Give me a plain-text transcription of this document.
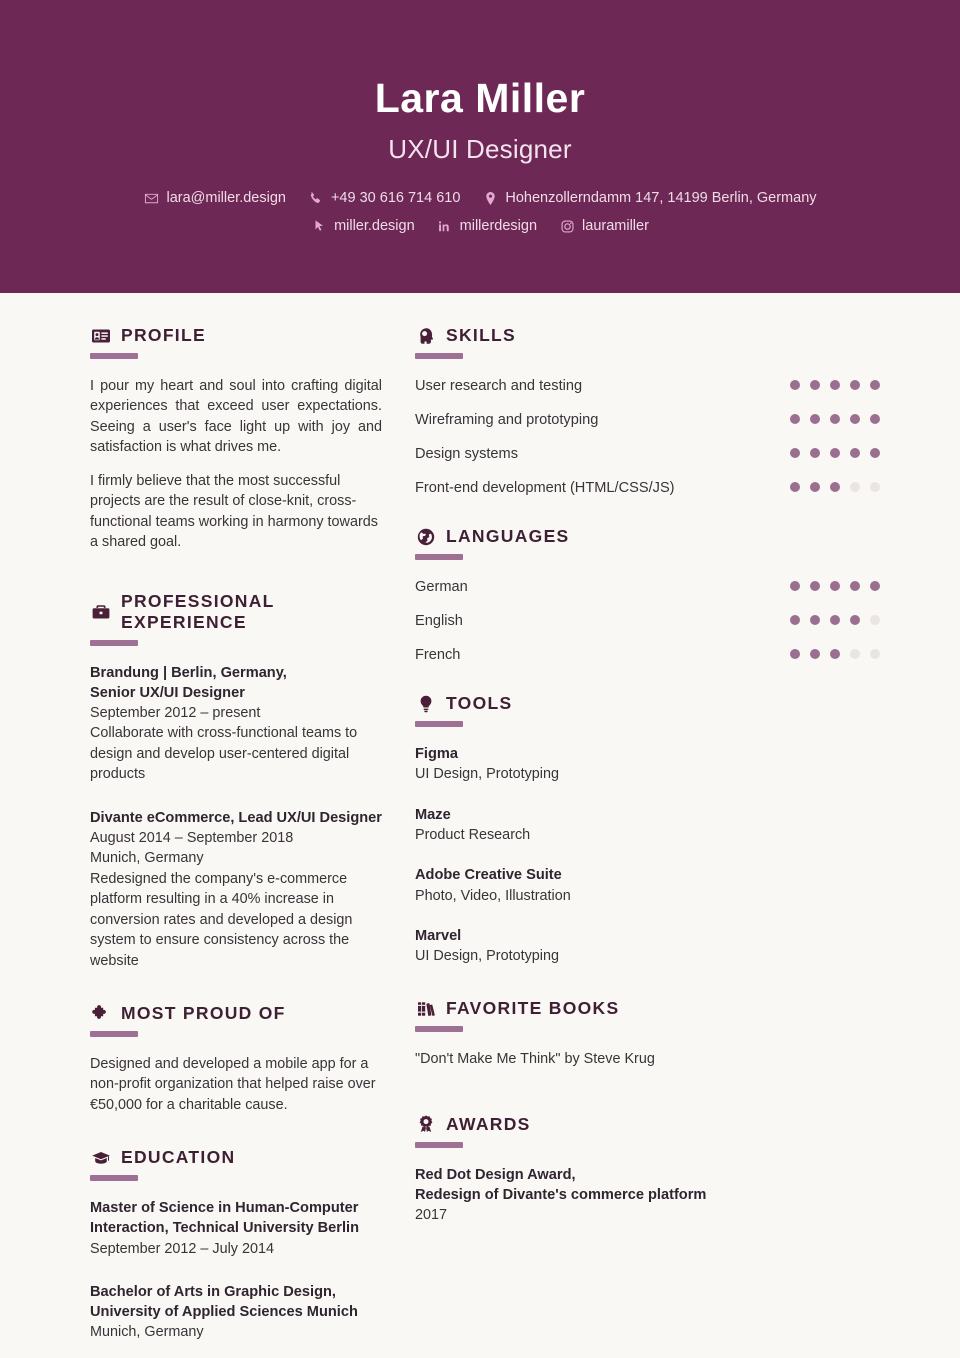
Lara Miller
UX/UI Designer
lara@miller.design	+49 30 616 714 610	Hohenzollerndamm 147, 14199 Berlin, Germany
miller.design	millerdesign	lauramiller
PROFILE

I pour my heart and soul into crafting digital experiences that exceed user expectations. Seeing a user's face light up with joy and satisfaction is what drives me.

I firmly believe that the most successful projects are the result of close-knit, cross-functional teams working in harmony towards a shared goal.

PROFESSIONAL EXPERIENCE
Brandung | Berlin, Germany,
Senior UX/UI Designer
September 2012 – present
Collaborate with cross-functional teams to design and develop user-centered digital products
Divante eCommerce, Lead UX/UI Designer
August 2014 – September 2018
Munich, Germany
Redesigned the company's e-commerce platform resulting in a 40% increase in conversion rates and developed a design system to ensure consistency across the website
MOST PROUD OF

Designed and developed a mobile app for a non-profit organization that helped raise over €50,000 for a charitable cause.

EDUCATION
Master of Science in Human-Computer
Interaction, Technical University Berlin
September 2012 – July 2014
Bachelor of Arts in Graphic Design,
University of Applied Sciences Munich
Munich, Germany
SKILLS
User research and testing
Wireframing and prototyping
Design systems
Front-end development (HTML/CSS/JS)
LANGUAGES
German
English
French
TOOLS
Figma
UI Design, Prototyping
Maze
Product Research
Adobe Creative Suite
Photo, Video, Illustration
Marvel
UI Design, Prototyping
FAVORITE BOOKS

"Don't Make Me Think" by Steve Krug

AWARDS
Red Dot Design Award,
Redesign of Divante's commerce platform
2017
